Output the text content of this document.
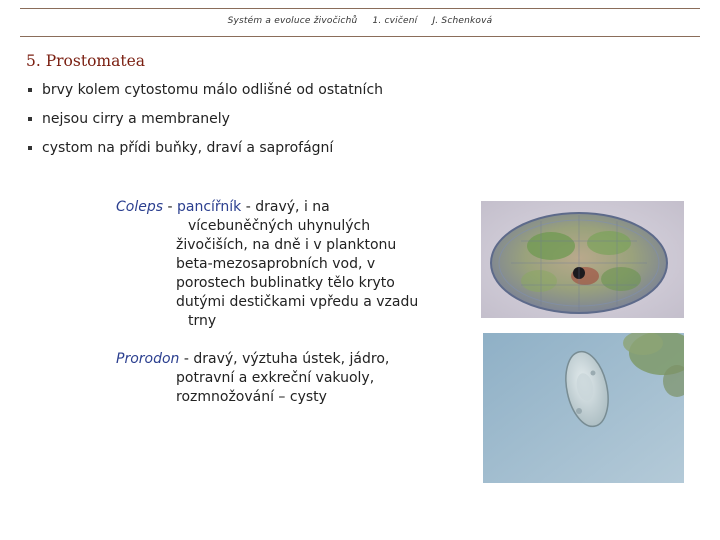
Systém a evoluce živočichů 1. cvičení J. Schenková
5. Prostomatea
brvy kolem cytostomu málo odlišné od ostatních
nejsou cirry a membranely
cystom na přídi buňky, draví a saprofágní
Coleps - pancířník - dravý, i na
vícebuněčných uhynulých
živočiších, na dně i v planktonu
beta-mezosaprobních vod, v
porostech bublinatky tělo kryto
dutými destičkami vpředu a vzadu
trny
Prorodon - dravý, výztuha ústek, jádro,
potravní a exkreční vakuoly,
rozmnožování – cysty
